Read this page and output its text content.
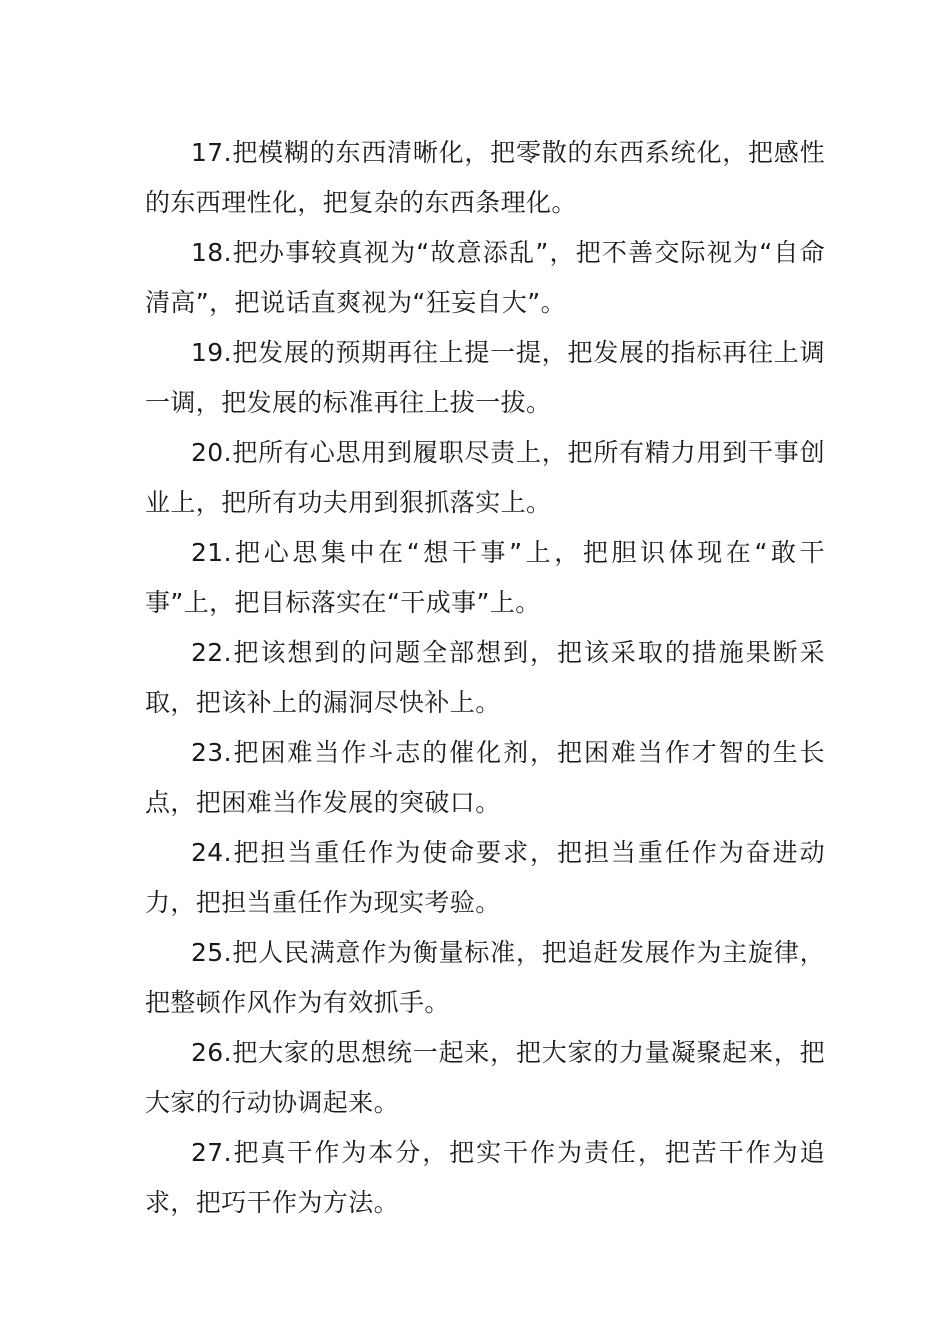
17.把模糊的东西清晰化，把零散的东西系统化，把感性的东西理性化，把复杂的东西条理化。

18.把办事较真视为“故意添乱”，把不善交际视为“自命清高”，把说话直爽视为“狂妄自大”。

19.把发展的预期再往上提一提，把发展的指标再往上调一调，把发展的标准再往上拔一拔。

20.把所有心思用到履职尽责上，把所有精力用到干事创业上，把所有功夫用到狠抓落实上。

21.把心思集中在“想干事”上，把胆识体现在“敢干事”上，把目标落实在“干成事”上。

22.把该想到的问题全部想到，把该采取的措施果断采取，把该补上的漏洞尽快补上。

23.把困难当作斗志的催化剂，把困难当作才智的生长点，把困难当作发展的突破口。

24.把担当重任作为使命要求，把担当重任作为奋进动力，把担当重任作为现实考验。

25.把人民满意作为衡量标准，把追赶发展作为主旋律，把整顿作风作为有效抓手。

26.把大家的思想统一起来，把大家的力量凝聚起来，把大家的行动协调起来。

27.把真干作为本分，把实干作为责任，把苦干作为追求，把巧干作为方法。
